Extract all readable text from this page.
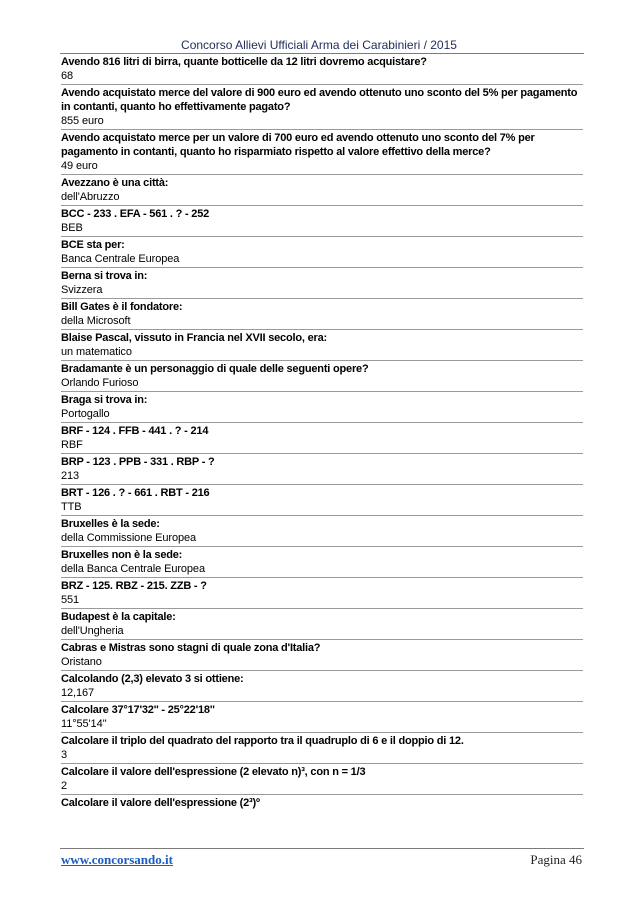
Concorso Allievi Ufficiali Arma dei Carabinieri / 2015
Avendo 816 litri di birra, quante botticelle da 12 litri dovremo acquistare?
68
Avendo acquistato merce del valore di 900 euro ed avendo ottenuto uno sconto del 5% per pagamento in contanti, quanto ho effettivamente pagato?
855 euro
Avendo acquistato merce per un valore di 700 euro ed avendo ottenuto uno sconto del 7% per pagamento in contanti, quanto ho risparmiato rispetto al valore effettivo della merce?
49 euro
Avezzano è una città:
dell'Abruzzo
BCC - 233 . EFA - 561 . ? - 252
BEB
BCE sta per:
Banca Centrale Europea
Berna si trova in:
Svizzera
Bill Gates è il fondatore:
della Microsoft
Blaise Pascal, vissuto in Francia nel XVII secolo, era:
un matematico
Bradamante è un personaggio di quale delle seguenti opere?
Orlando Furioso
Braga si trova in:
Portogallo
BRF - 124 . FFB - 441 . ? - 214
RBF
BRP - 123 . PPB - 331 . RBP - ?
213
BRT - 126 . ? - 661 . RBT - 216
TTB
Bruxelles è la sede:
della Commissione Europea
Bruxelles non è la sede:
della Banca Centrale Europea
BRZ - 125. RBZ - 215. ZZB - ?
551
Budapest è la capitale:
dell'Ungheria
Cabras e Mistras sono stagni di quale zona d'Italia?
Oristano
Calcolando (2,3) elevato 3 si ottiene:
12,167
Calcolare 37°17'32'' - 25°22'18''
11°55'14''
Calcolare il triplo del quadrato del rapporto tra il quadruplo di 6 e il doppio di 12.
3
Calcolare il valore dell'espressione (2 elevato n)³, con n = 1/3
2
Calcolare il valore dell'espressione (2³)º
www.concorsando.it	Pagina 46
